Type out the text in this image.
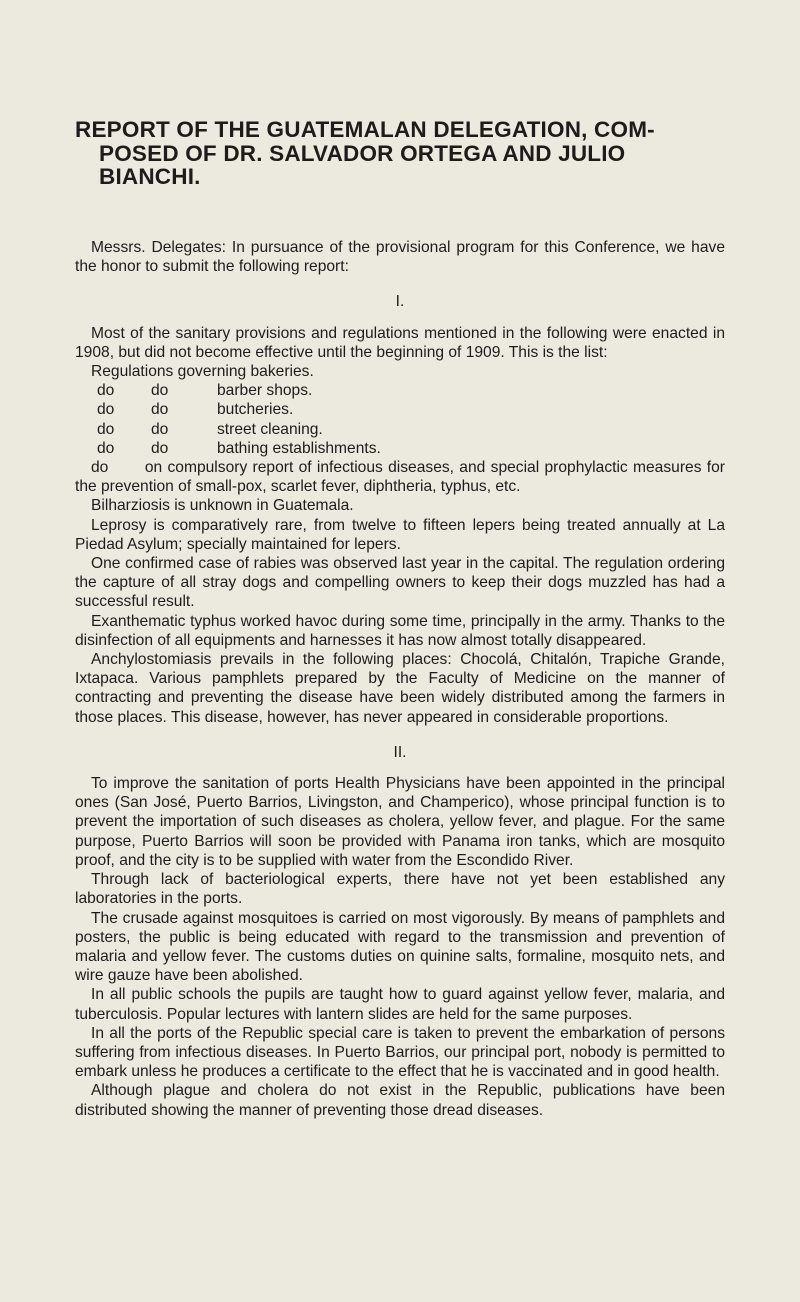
REPORT OF THE GUATEMALAN DELEGATION, COM-
POSED OF DR. SALVADOR ORTEGA AND JULIO
BIANCHI.

Messrs. Delegates: In pursuance of the provisional program for this Conference, we have the honor to submit the following report:

I.

Most of the sanitary provisions and regulations mentioned in the following were enacted in 1908, but did not become effective until the beginning of 1909. This is the list:

Regulations governing bakeries.

do	do	barber shops.
do	do	butcheries.
do	do	street cleaning.
do	do	bathing establishments.

do   on compulsory report of infectious diseases, and special prophylactic measures for the prevention of small-pox, scarlet fever, diphtheria, typhus, etc.

Bilharziosis is unknown in Guatemala.

Leprosy is comparatively rare, from twelve to fifteen lepers being treated annually at La Piedad Asylum; specially maintained for lepers.

One confirmed case of rabies was observed last year in the capital. The regulation ordering the capture of all stray dogs and compelling owners to keep their dogs muzzled has had a successful result.

Exanthematic typhus worked havoc during some time, principally in the army. Thanks to the disinfection of all equipments and harnesses it has now almost totally disappeared.

Anchylostomiasis prevails in the following places: Chocolá, Chitalón, Trapiche Grande, Ixtapaca. Various pamphlets prepared by the Faculty of Medicine on the manner of contracting and preventing the disease have been widely distributed among the farmers in those places. This disease, however, has never appeared in considerable proportions.

II.

To improve the sanitation of ports Health Physicians have been appointed in the principal ones (San José, Puerto Barrios, Livingston, and Champerico), whose principal function is to prevent the importation of such diseases as cholera, yellow fever, and plague. For the same purpose, Puerto Barrios will soon be provided with Panama iron tanks, which are mosquito proof, and the city is to be supplied with water from the Escondido River.

Through lack of bacteriological experts, there have not yet been established any laboratories in the ports.

The crusade against mosquitoes is carried on most vigorously. By means of pamphlets and posters, the public is being educated with regard to the transmission and prevention of malaria and yellow fever. The customs duties on quinine salts, formaline, mosquito nets, and wire gauze have been abolished.

In all public schools the pupils are taught how to guard against yellow fever, malaria, and tuberculosis. Popular lectures with lantern slides are held for the same purposes.

In all the ports of the Republic special care is taken to prevent the embarkation of persons suffering from infectious diseases. In Puerto Barrios, our principal port, nobody is permitted to embark unless he produces a certificate to the effect that he is vaccinated and in good health.

Although plague and cholera do not exist in the Republic, publications have been distributed showing the manner of preventing those dread diseases.
